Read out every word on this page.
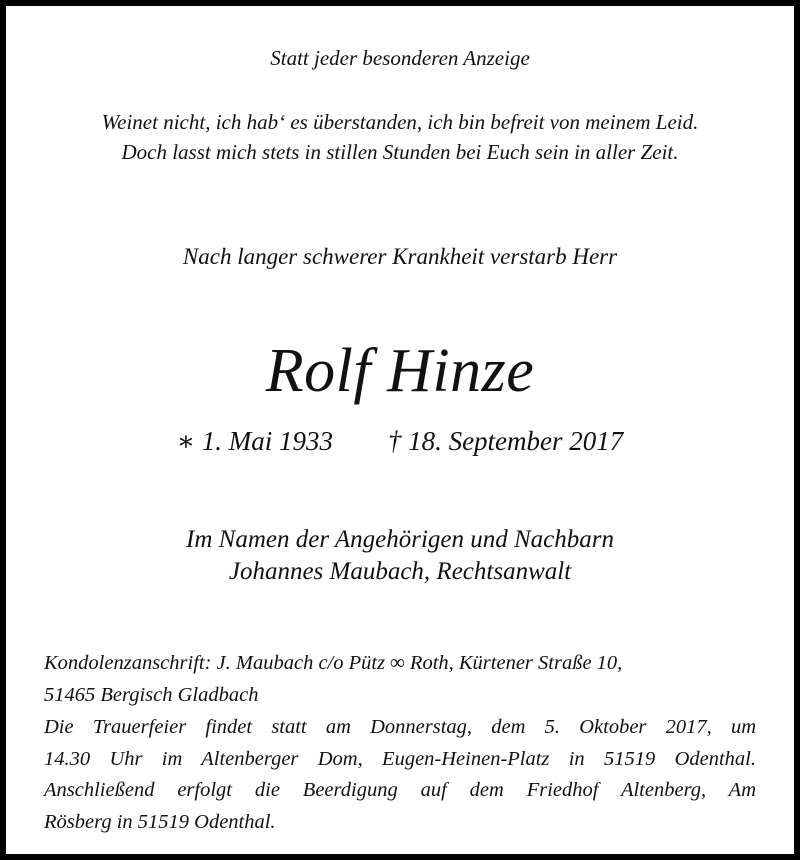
Statt jeder besonderen Anzeige
Weinet nicht, ich hab‘ es überstanden, ich bin befreit von meinem Leid.
Doch lasst mich stets in stillen Stunden bei Euch sein in aller Zeit.
Nach langer schwerer Krankheit verstarb Herr
Rolf Hinze
∗ 1. Mai 1933 † 18. September 2017
Im Namen der Angehörigen und Nachbarn
Johannes Maubach, Rechtsanwalt
Kondolenzanschrift: J. Maubach c/o Pütz ∞ Roth, Kürtener Straße 10,
51465 Bergisch Gladbach
Die Trauerfeier findet statt am Donnerstag, dem 5. Oktober 2017, um
14.30 Uhr im Altenberger Dom, Eugen-Heinen-Platz in 51519 Odenthal.
Anschließend erfolgt die Beerdigung auf dem Friedhof Altenberg, Am
Rösberg in 51519 Odenthal.
